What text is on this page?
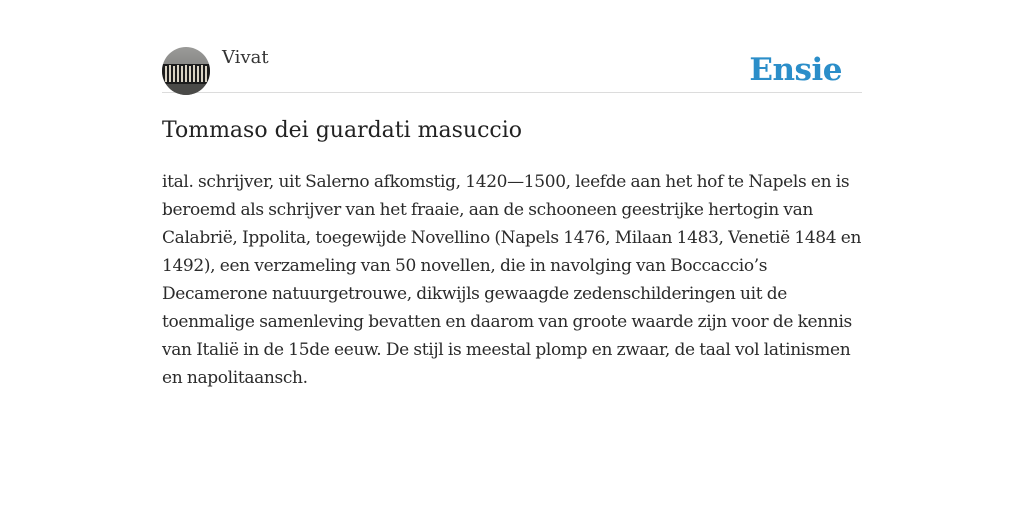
Vivat	Ensie
Tommaso dei guardati masuccio

ital. schrijver, uit Salerno afkomstig, 1420—1500, leefde aan het hof te Napels en is beroemd als schrijver van het fraaie, aan de schooneen geestrijke hertogin van Calabrië, Ippolita, toegewijde Novellino (Napels 1476, Milaan 1483, Venetië 1484 en 1492), een verzameling van 50 novellen, die in navolging van Boccaccio’s Decamerone natuurgetrouwe, dikwijls gewaagde zedenschilderingen uit de toenmalige samenleving bevatten en daarom van groote waarde zijn voor de kennis van Italië in de 15de eeuw. De stijl is meestal plomp en zwaar, de taal vol latinismen en napolitaansch.
